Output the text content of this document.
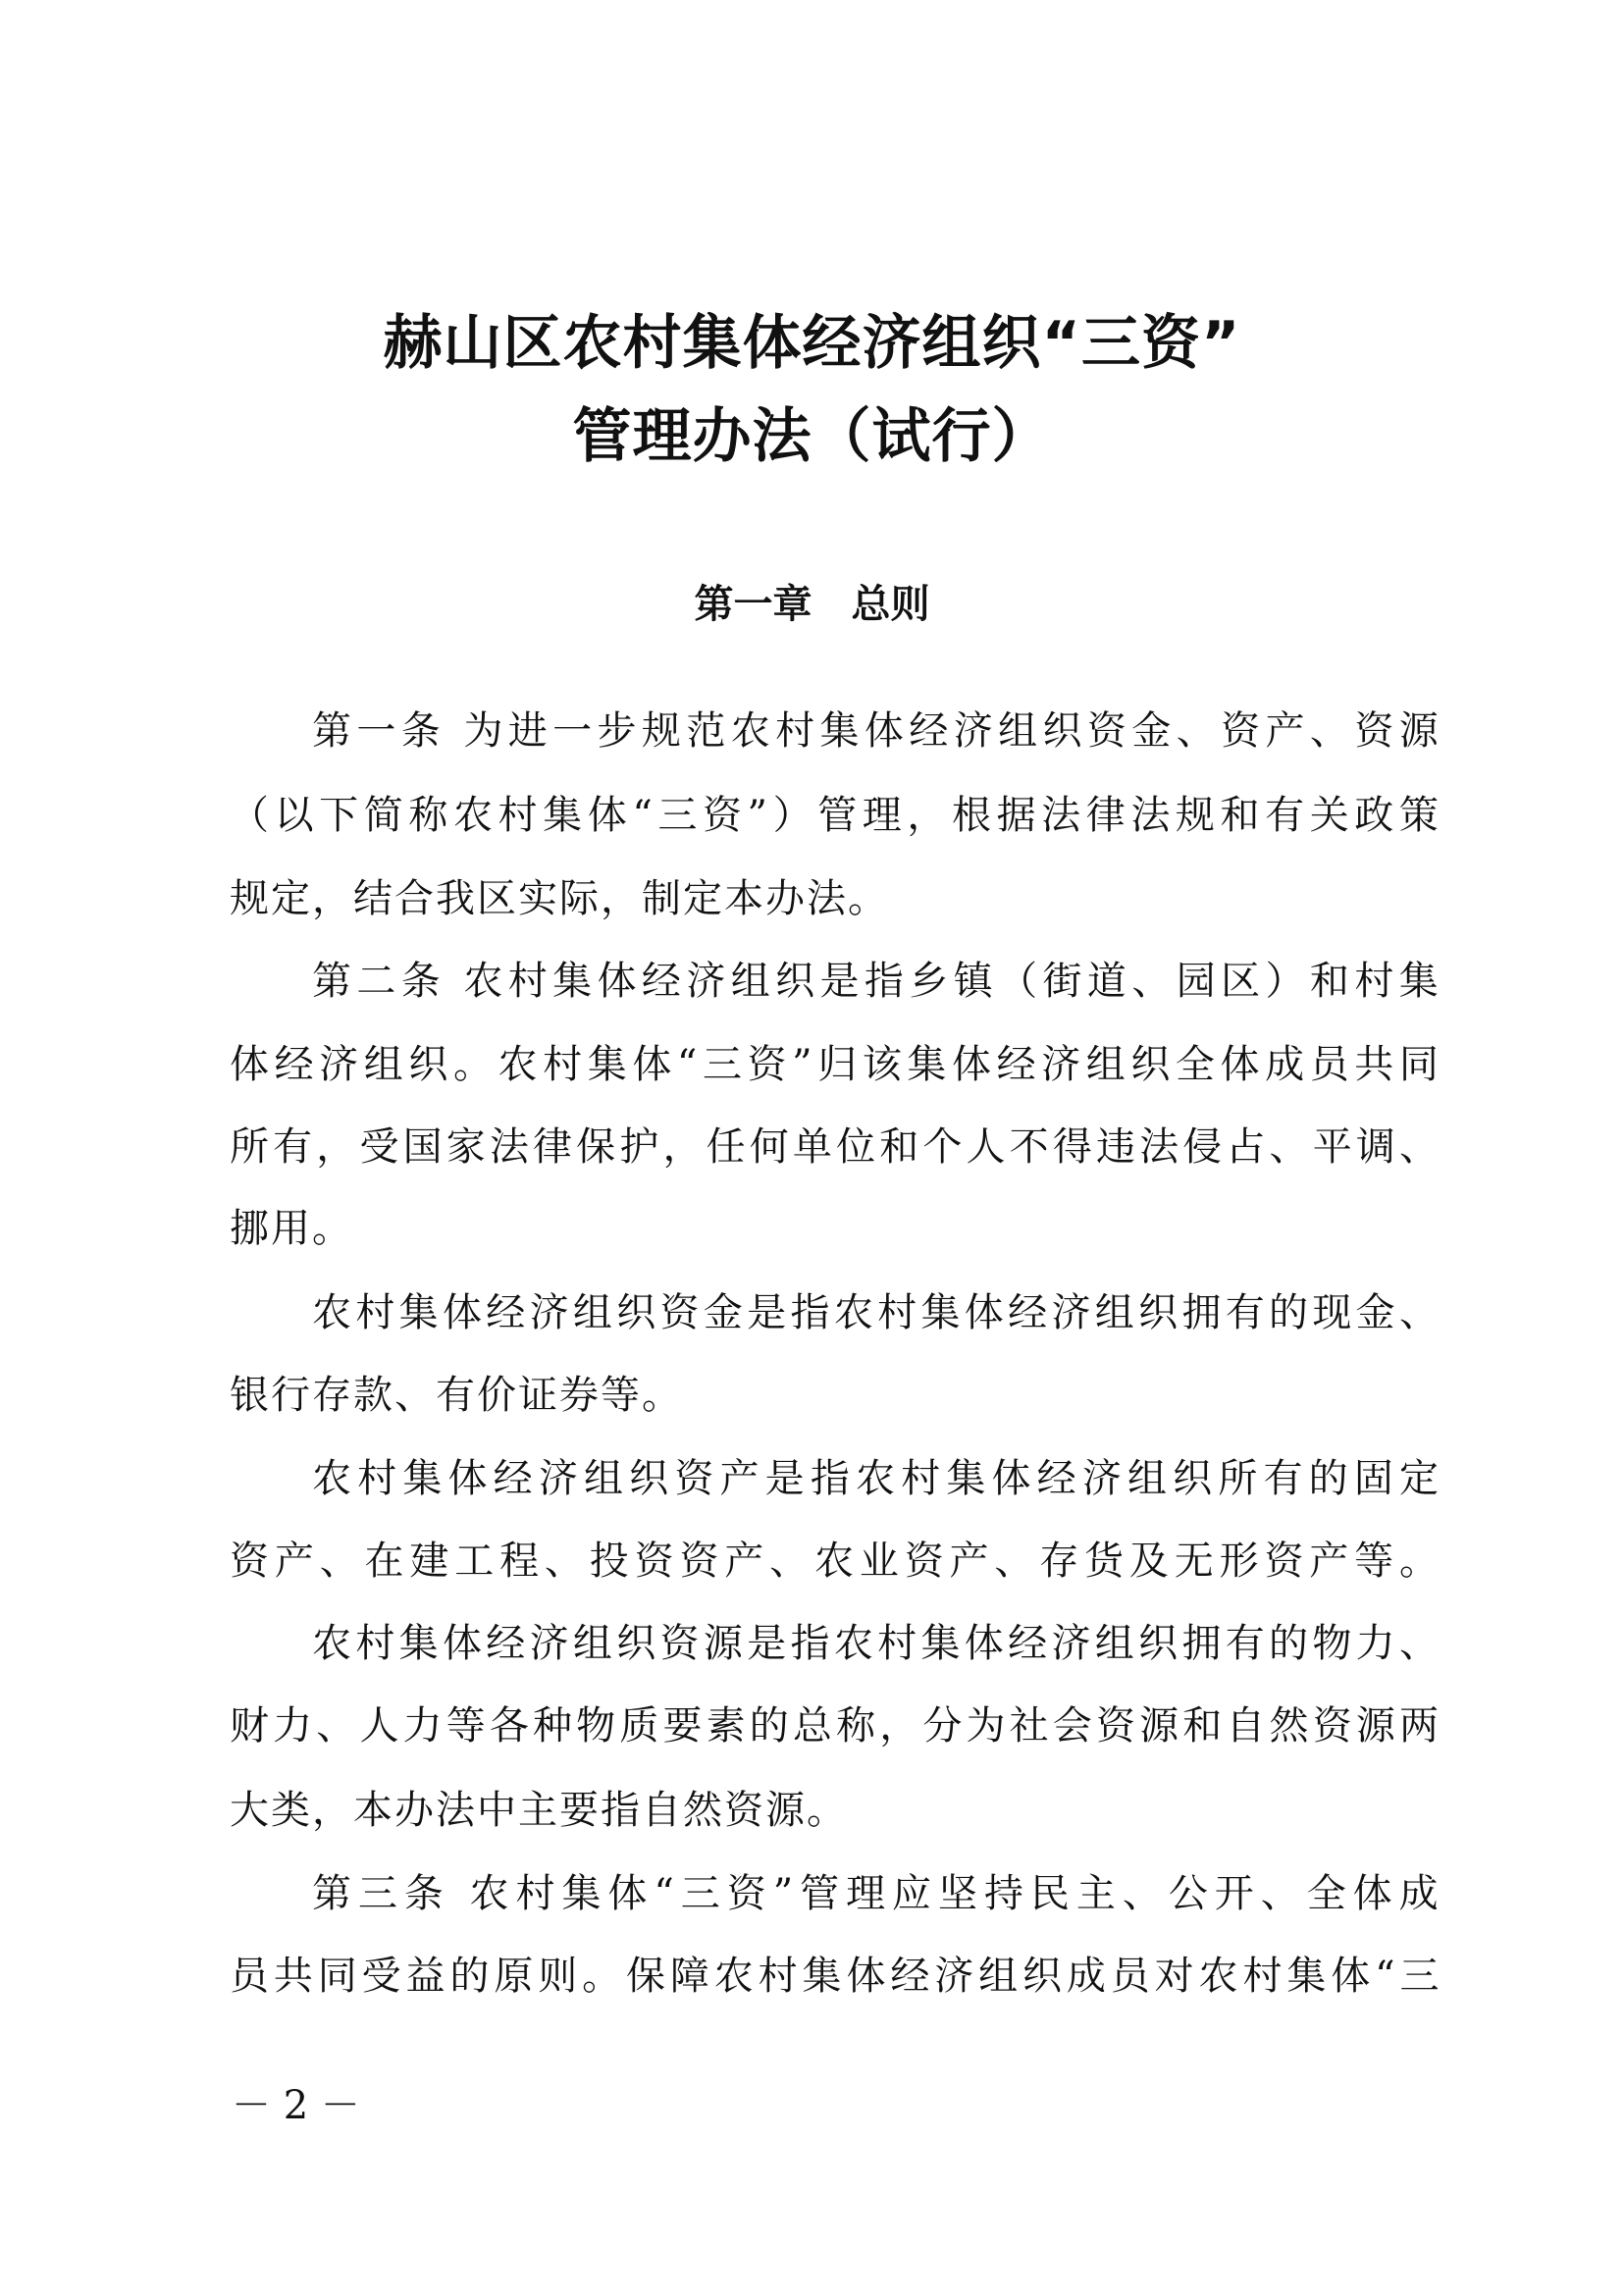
赫山区农村集体经济组织“三资”
管理办法（试行）
第一章　总则
第一条 为进一步规范农村集体经济组织资金、资产、资源
（以下简称农村集体“三资”）管理，根据法律法规和有关政策
规定，结合我区实际，制定本办法。
第二条 农村集体经济组织是指乡镇（街道、园区）和村集
体经济组织。农村集体“三资”归该集体经济组织全体成员共同
所有，受国家法律保护，任何单位和个人不得违法侵占、平调、
挪用。
农村集体经济组织资金是指农村集体经济组织拥有的现金、
银行存款、有价证券等。
农村集体经济组织资产是指农村集体经济组织所有的固定
资产、在建工程、投资资产、农业资产、存货及无形资产等。
农村集体经济组织资源是指农村集体经济组织拥有的物力、
财力、人力等各种物质要素的总称，分为社会资源和自然资源两
大类，本办法中主要指自然资源。
第三条 农村集体“三资”管理应坚持民主、公开、全体成
员共同受益的原则。保障农村集体经济组织成员对农村集体“三
－ 2 －
